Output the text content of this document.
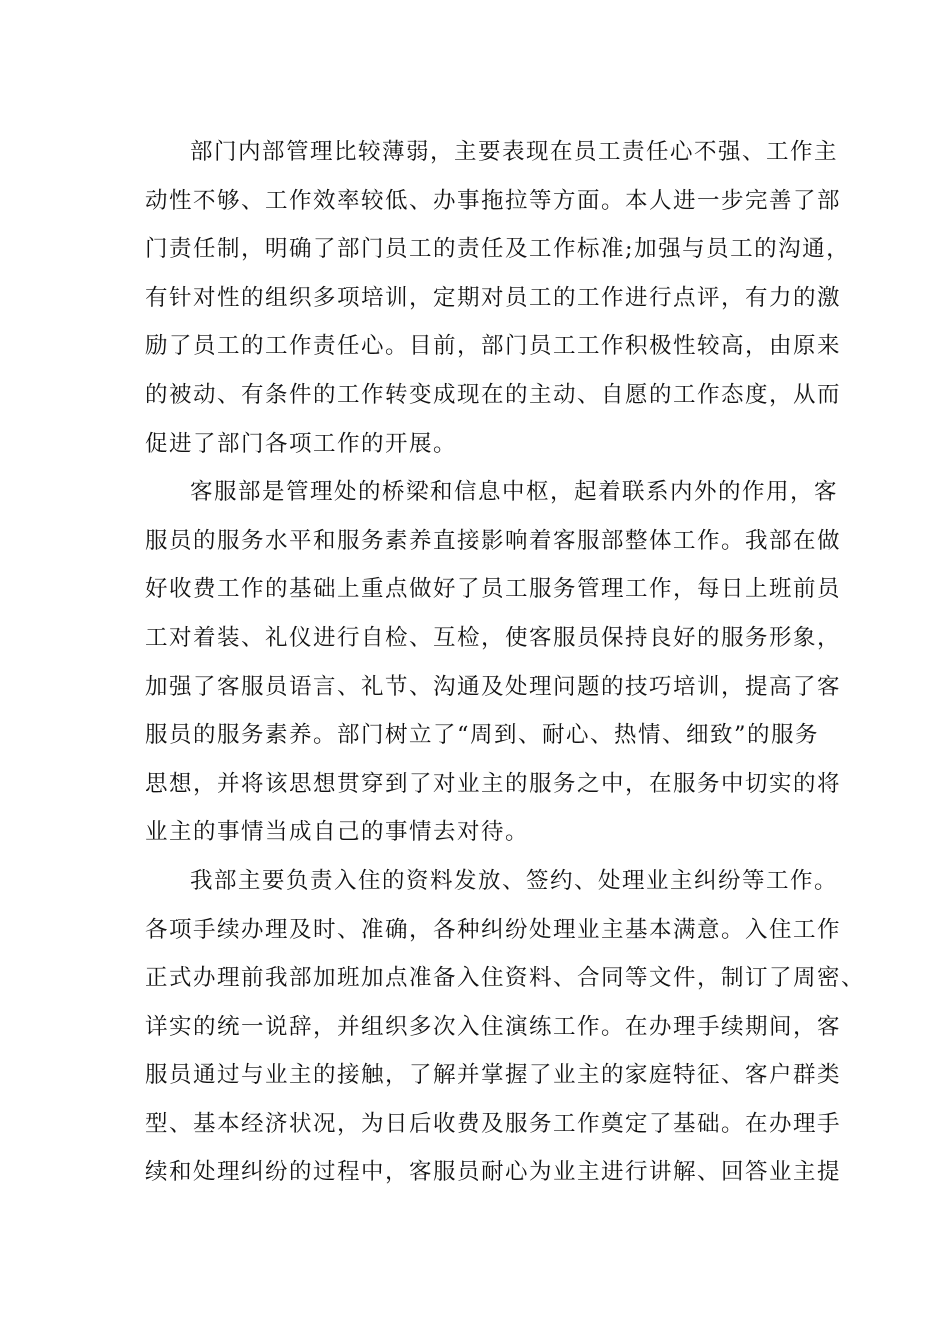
部门内部管理比较薄弱，主要表现在员工责任心不强、工作主
动性不够、工作效率较低、办事拖拉等方面。本人进一步完善了部
门责任制，明确了部门员工的责任及工作标准;加强与员工的沟通，
有针对性的组织多项培训，定期对员工的工作进行点评，有力的激
励了员工的工作责任心。目前，部门员工工作积极性较高，由原来
的被动、有条件的工作转变成现在的主动、自愿的工作态度，从而
促进了部门各项工作的开展。
客服部是管理处的桥梁和信息中枢，起着联系内外的作用，客
服员的服务水平和服务素养直接影响着客服部整体工作。我部在做
好收费工作的基础上重点做好了员工服务管理工作，每日上班前员
工对着装、礼仪进行自检、互检，使客服员保持良好的服务形象，
加强了客服员语言、礼节、沟通及处理问题的技巧培训，提高了客
服员的服务素养。部门树立了“周到、耐心、热情、细致”的服务
思想，并将该思想贯穿到了对业主的服务之中，在服务中切实的将
业主的事情当成自己的事情去对待。
我部主要负责入住的资料发放、签约、处理业主纠纷等工作。
各项手续办理及时、准确，各种纠纷处理业主基本满意。入住工作
正式办理前我部加班加点准备入住资料、合同等文件，制订了周密、
详实的统一说辞，并组织多次入住演练工作。在办理手续期间，客
服员通过与业主的接触，了解并掌握了业主的家庭特征、客户群类
型、基本经济状况，为日后收费及服务工作奠定了基础。在办理手
续和处理纠纷的过程中，客服员耐心为业主进行讲解、回答业主提
